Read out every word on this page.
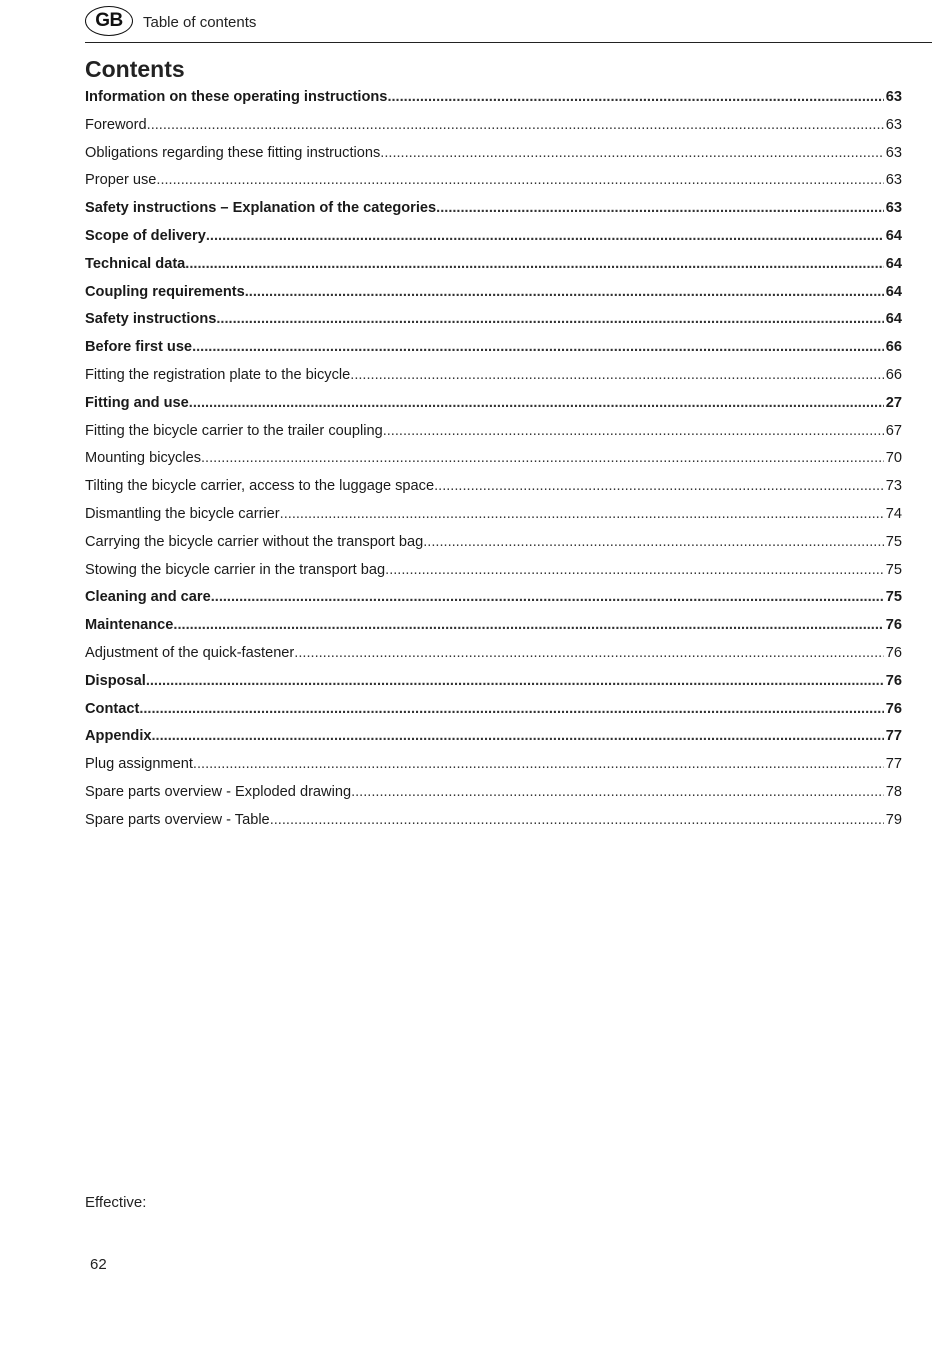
GB	Table of contents
Contents
Information on these operating instructions .....	63
Foreword .....	63
Obligations regarding these fitting instructions .....	63
Proper use .....	63
Safety instructions – Explanation of the categories .....	63
Scope of delivery .....	64
Technical data .....	64
Coupling requirements .....	64
Safety instructions .....	64
Before first use .....	66
Fitting the registration plate to the bicycle .....	66
Fitting and use .....	27
Fitting the bicycle carrier to the trailer coupling .....	67
Mounting bicycles .....	70
Tilting the bicycle carrier, access to the luggage space .....	73
Dismantling the bicycle carrier .....	74
Carrying the bicycle carrier without the transport bag .....	75
Stowing the bicycle carrier in the transport bag .....	75
Cleaning and care .....	75
Maintenance .....	76
Adjustment of the quick-fastener .....	76
Disposal .....	76
Contact .....	76
Appendix .....	77
Plug assignment .....	77
Spare parts overview - Exploded drawing .....	78
Spare parts overview - Table .....	79
Effective:
62
